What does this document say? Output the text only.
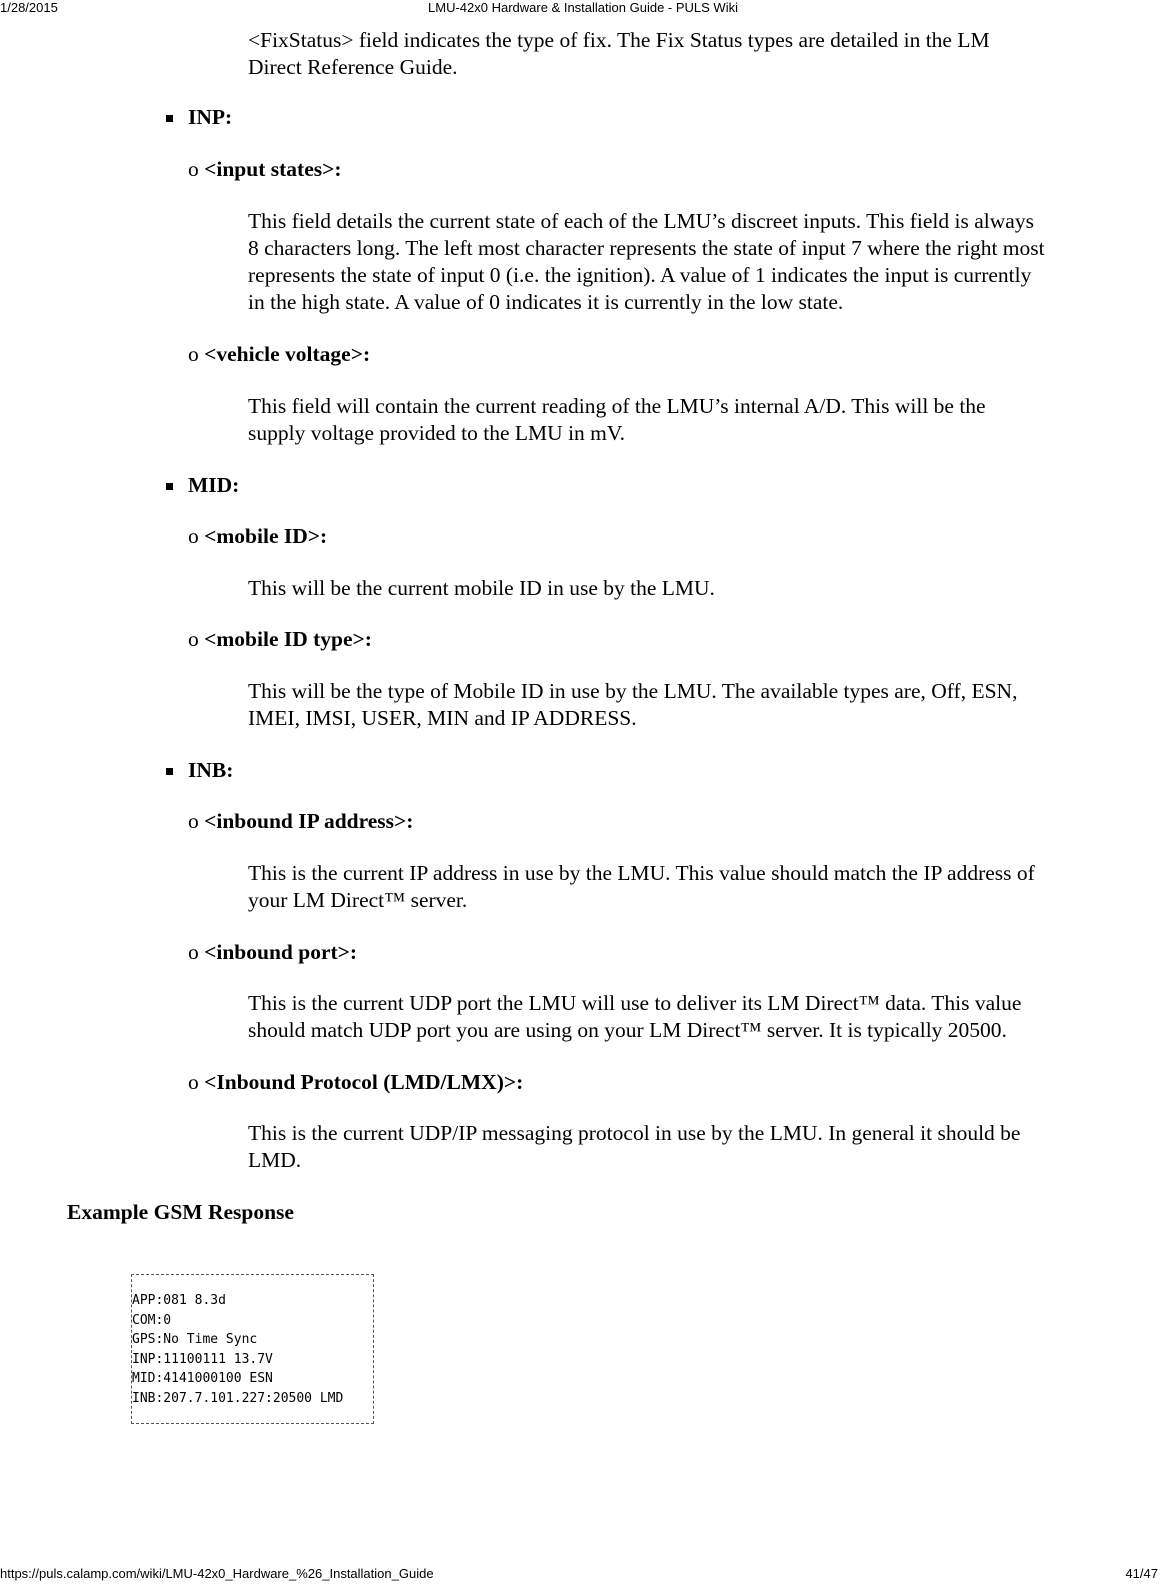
1/28/2015	LMU-42x0 Hardware & Installation Guide - PULS Wiki
<FixStatus> field indicates the type of fix. The Fix Status types are detailed in the LM
Direct Reference Guide.
INP:
o <input states>:
This field details the current state of each of the LMU’s discreet inputs. This field is always
8 characters long. The left most character represents the state of input 7 where the right most
represents the state of input 0 (i.e. the ignition). A value of 1 indicates the input is currently
in the high state. A value of 0 indicates it is currently in the low state.
o <vehicle voltage>:
This field will contain the current reading of the LMU’s internal A/D. This will be the
supply voltage provided to the LMU in mV.
MID:
o <mobile ID>:
This will be the current mobile ID in use by the LMU.
o <mobile ID type>:
This will be the type of Mobile ID in use by the LMU. The available types are, Off, ESN,
IMEI, IMSI, USER, MIN and IP ADDRESS.
INB:
o <inbound IP address>:
This is the current IP address in use by the LMU. This value should match the IP address of
your LM Direct™ server.
o <inbound port>:
This is the current UDP port the LMU will use to deliver its LM Direct™ data. This value
should match UDP port you are using on your LM Direct™ server. It is typically 20500.
o <Inbound Protocol (LMD/LMX)>:
This is the current UDP/IP messaging protocol in use by the LMU. In general it should be
LMD.
Example GSM Response
APP:081 8.3d
COM:0
GPS:No Time Sync
INP:11100111 13.7V
MID:4141000100 ESN
INB:207.7.101.227:20500 LMD
https://puls.calamp.com/wiki/LMU-42x0_Hardware_%26_Installation_Guide	41/47
